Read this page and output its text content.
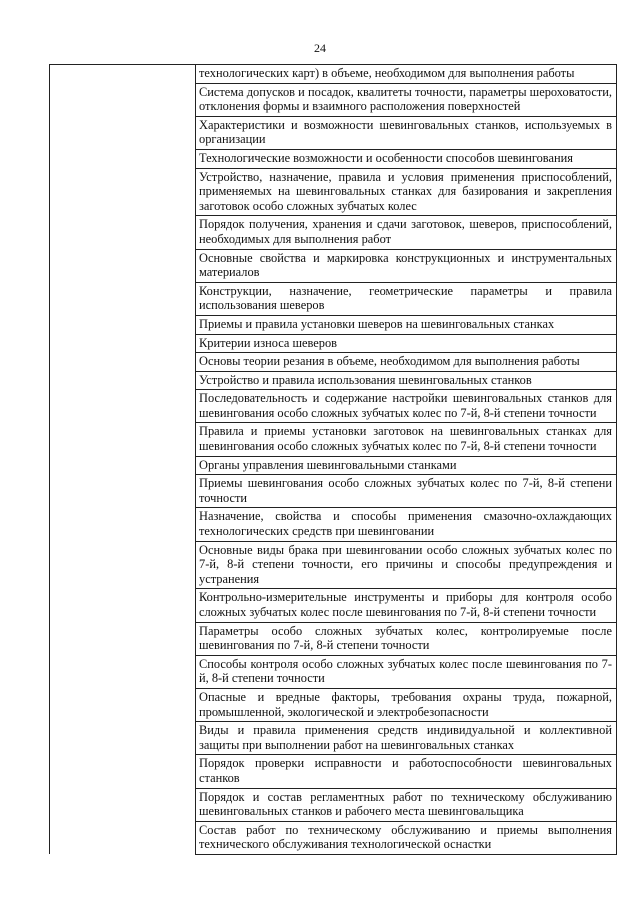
24

технологических карт) в объеме, необходимом для выполнения работы
Система допусков и посадок, квалитеты точности, параметры шероховатости, отклонения формы и взаимного расположения поверхностей
Характеристики и возможности шевинговальных станков, используемых в организации
Технологические возможности и особенности способов шевингования
Устройство, назначение, правила и условия применения приспособлений, применяемых на шевинговальных станках для базирования и закрепления заготовок особо сложных зубчатых колес
Порядок получения, хранения и сдачи заготовок, шеверов, приспособлений, необходимых для выполнения работ
Основные свойства и маркировка конструкционных и инструментальных материалов
Конструкции, назначение, геометрические параметры и правила использования шеверов
Приемы и правила установки шеверов на шевинговальных станках
Критерии износа шеверов
Основы теории резания в объеме, необходимом для выполнения работы
Устройство и правила использования шевинговальных станков
Последовательность и содержание настройки шевинговальных станков для шевингования особо сложных зубчатых колес по 7-й, 8-й степени точности
Правила и приемы установки заготовок на шевинговальных станках для шевингования особо сложных зубчатых колес по 7-й, 8-й степени точности
Органы управления шевинговальными станками
Приемы шевингования особо сложных зубчатых колес по 7-й, 8-й степени точности
Назначение, свойства и способы применения смазочно-охлаждающих технологических средств при шевинговании
Основные виды брака при шевинговании особо сложных зубчатых колес по 7-й, 8-й степени точности, его причины и способы предупреждения и устранения
Контрольно-измерительные инструменты и приборы для контроля особо сложных зубчатых колес после шевингования по 7-й, 8-й степени точности
Параметры особо сложных зубчатых колес, контролируемые после шевингования по 7-й, 8-й степени точности
Способы контроля особо сложных зубчатых колес после шевингования по 7-й, 8-й степени точности
Опасные и вредные факторы, требования охраны труда, пожарной, промышленной, экологической и электробезопасности
Виды и правила применения средств индивидуальной и коллективной защиты при выполнении работ на шевинговальных станках
Порядок проверки исправности и работоспособности шевинговальных станков
Порядок и состав регламентных работ по техническому обслуживанию шевинговальных станков и рабочего места шевинговальщика
Состав работ по техническому обслуживанию и приемы выполнения технического обслуживания технологической оснастки
